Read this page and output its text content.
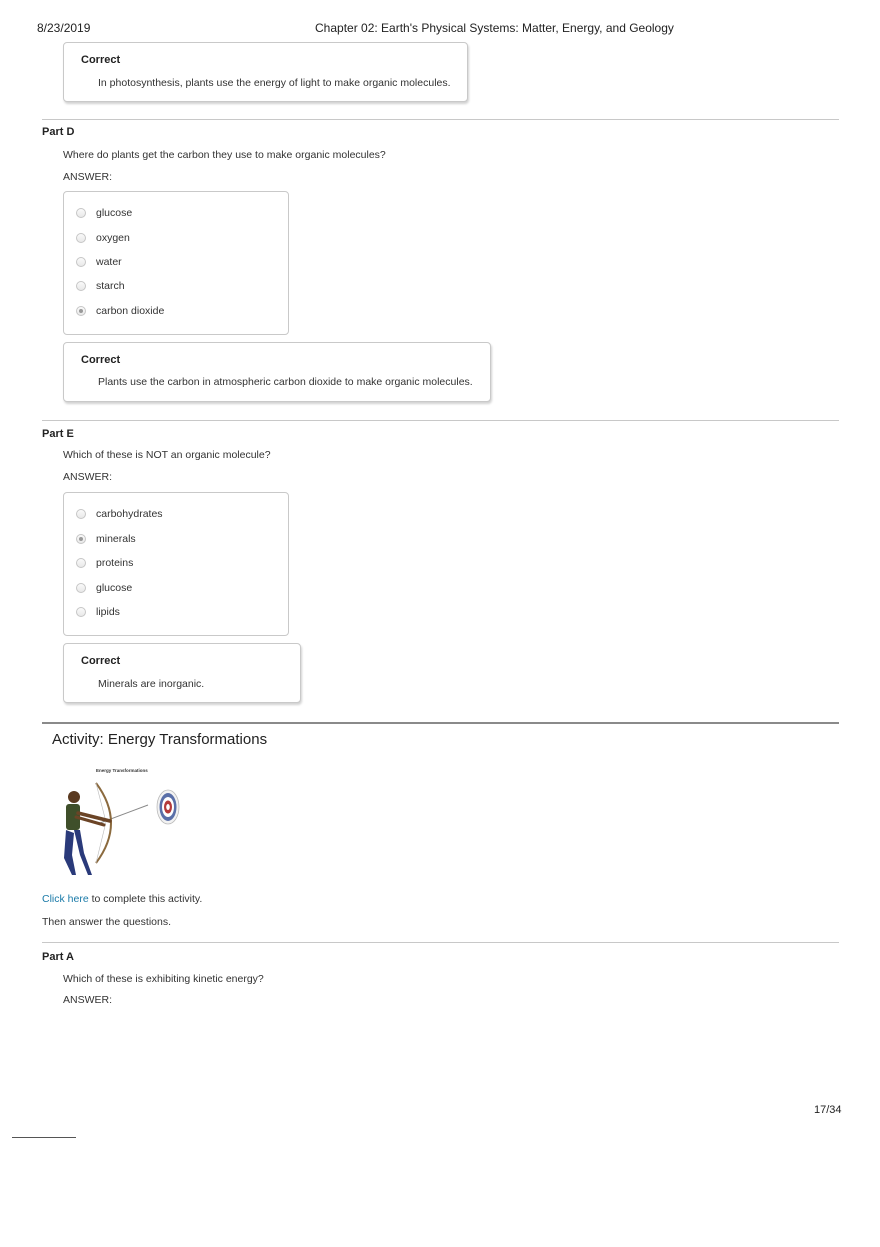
8/23/2019	Chapter 02: Earth's Physical Systems: Matter, Energy, and Geology
Correct
In photosynthesis, plants use the energy of light to make organic molecules.
Part D
Where do plants get the carbon they use to make organic molecules?
ANSWER:
glucose
oxygen
water
starch
carbon dioxide
Correct
Plants use the carbon in atmospheric carbon dioxide to make organic molecules.
Part E
Which of these is NOT an organic molecule?
ANSWER:
carbohydrates
minerals
proteins
glucose
lipids
Correct
Minerals are inorganic.
Activity: Energy Transformations
Energy Transformations
Click here to complete this activity.
Then answer the questions.
Part A
Which of these is exhibiting kinetic energy?
ANSWER:
17/34
